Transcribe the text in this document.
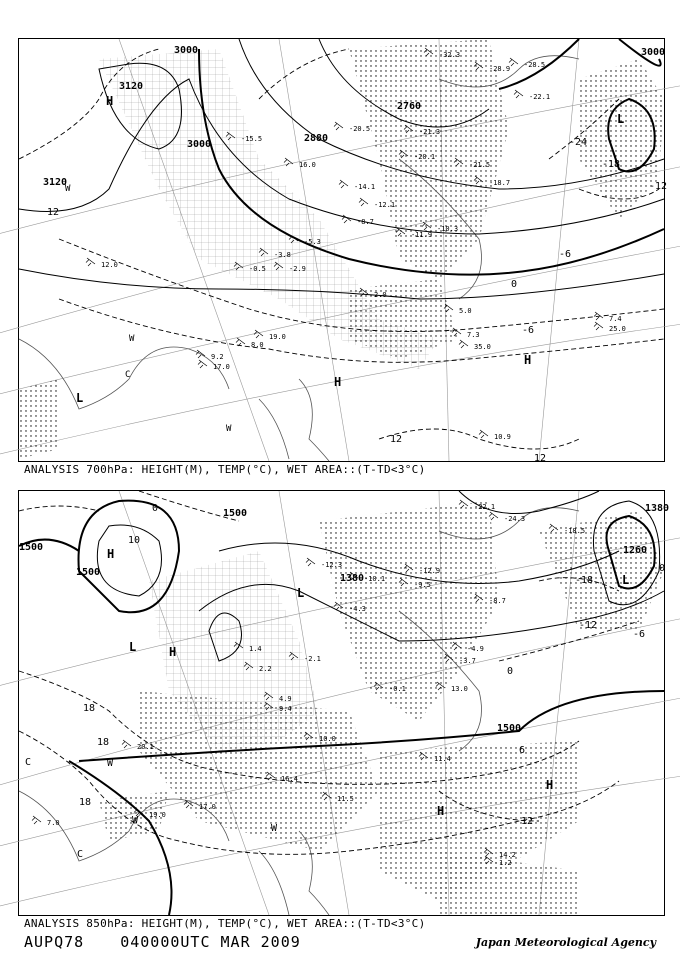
3000
3120
3000
2880
2760
3000
3120
12
-24
-18
-12
-6
0
-6
12
12
H
L
H
L
H
W
W
W
C
-32.3
-28.9 -28.5
-22.1
-21.3
-20.5
-20.1
-21.5
-18.7
-15.5
-14.1
-12.1
-11.9
-10.3
-8.7
-5.3
-3.8
-2.9
-0.5
2.0
5.0
7.4
7.3
8.0
9.2
10.9
16.0
19.0
25.0
35.0
17.0
12.0
ANALYSIS 700hPa: HEIGHT(M), TEMP(°C), WET AREA::(T-TD<3°C)
1500
1500
1500
1380
1380
1500
1260
0
18
18
18
-18
-12
-6
6
12
10
0
0
H
L	H
L
L
H
H
C
C
W
W
W
-24.3
-22.1
-18.5
-12.3
-12.9
-10.1
-9.5
-8.7
-4.9
-4.3
-3.7
-2.1
-0.1
1.4
2.2
4.9
9.4
10.0
11.4
11.5
13.0
14.2
16.4
17.0
19.0
20.1
1.2
7.0
ANALYSIS 850hPa: HEIGHT(M), TEMP(°C), WET AREA::(T-TD<3°C)
AUPQ78 040000UTC MAR 2009	Japan Meteorological Agency
